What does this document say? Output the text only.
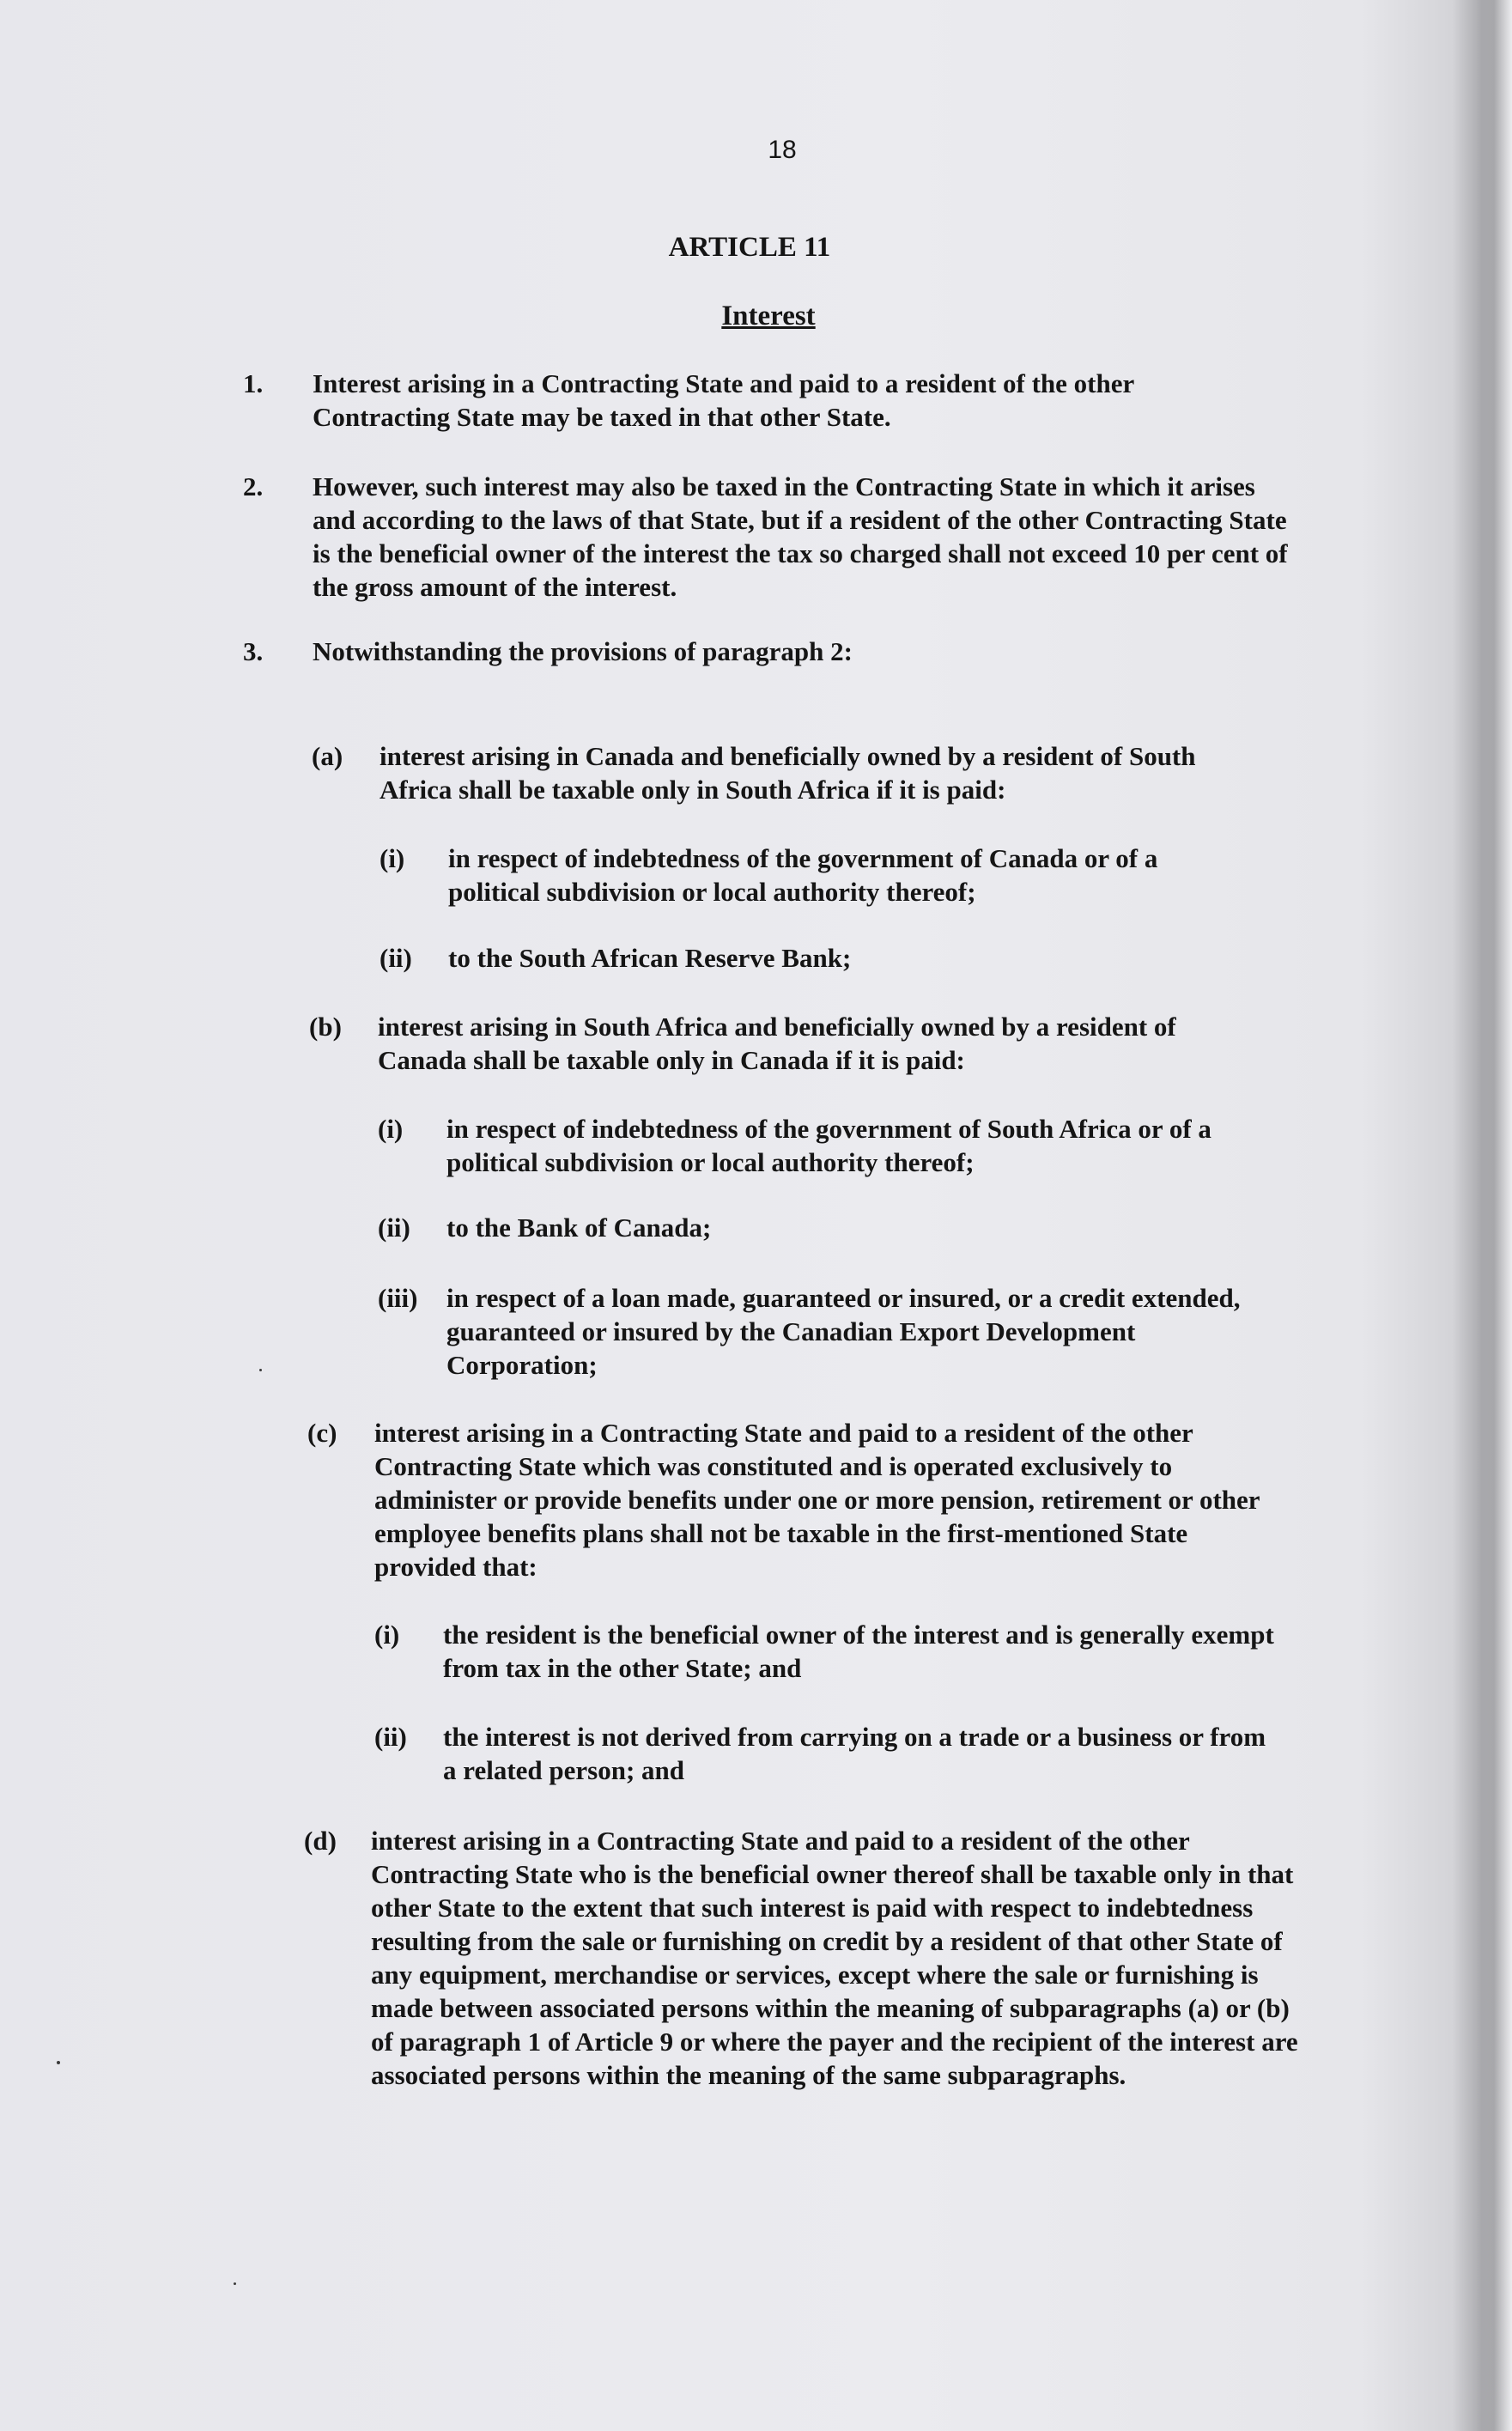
18
ARTICLE 11
Interest
1. Interest arising in a Contracting State and paid to a resident of the other Contracting State may be taxed in that other State.
2. However, such interest may also be taxed in the Contracting State in which it arises and according to the laws of that State, but if a resident of the other Contracting State is the beneficial owner of the interest the tax so charged shall not exceed 10 per cent of the gross amount of the interest.
3. Notwithstanding the provisions of paragraph 2:
(a) interest arising in Canada and beneficially owned by a resident of South Africa shall be taxable only in South Africa if it is paid:
(i) in respect of indebtedness of the government of Canada or of a political subdivision or local authority thereof;
(ii) to the South African Reserve Bank;
(b) interest arising in South Africa and beneficially owned by a resident of Canada shall be taxable only in Canada if it is paid:
(i) in respect of indebtedness of the government of South Africa or of a political subdivision or local authority thereof;
(ii) to the Bank of Canada;
(iii) in respect of a loan made, guaranteed or insured, or a credit extended, guaranteed or insured by the Canadian Export Development Corporation;
(c) interest arising in a Contracting State and paid to a resident of the other Contracting State which was constituted and is operated exclusively to administer or provide benefits under one or more pension, retirement or other employee benefits plans shall not be taxable in the first-mentioned State provided that:
(i) the resident is the beneficial owner of the interest and is generally exempt from tax in the other State; and
(ii) the interest is not derived from carrying on a trade or a business or from a related person; and
(d) interest arising in a Contracting State and paid to a resident of the other Contracting State who is the beneficial owner thereof shall be taxable only in that other State to the extent that such interest is paid with respect to indebtedness resulting from the sale or furnishing on credit by a resident of that other State of any equipment, merchandise or services, except where the sale or furnishing is made between associated persons within the meaning of subparagraphs (a) or (b) of paragraph 1 of Article 9 or where the payer and the recipient of the interest are associated persons within the meaning of the same subparagraphs.
